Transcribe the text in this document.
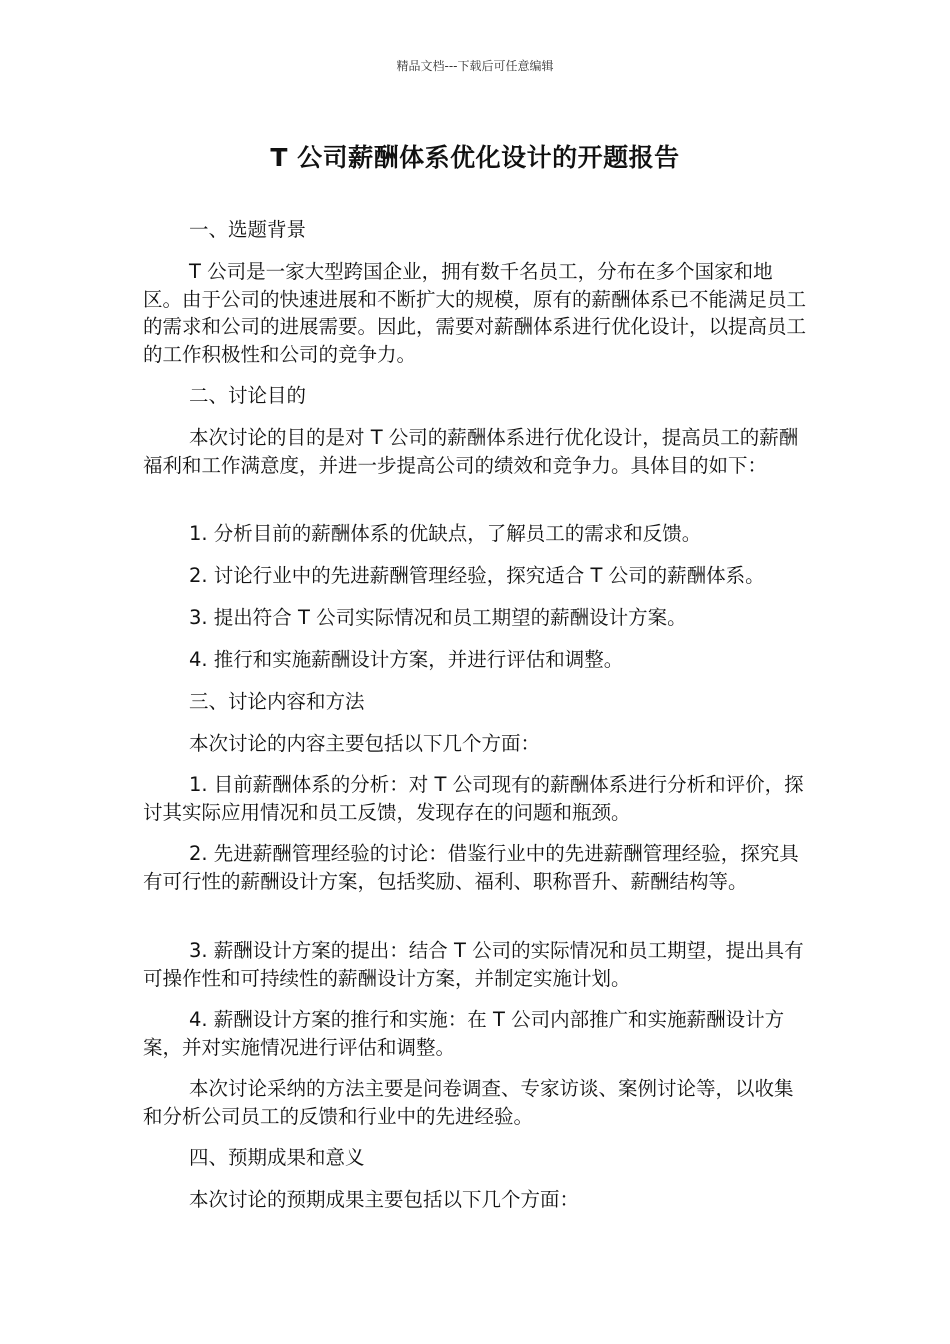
精品文档---下载后可任意编辑
T 公司薪酬体系优化设计的开题报告

一、选题背景

T 公司是一家大型跨国企业，拥有数千名员工，分布在多个国家和地区。由于公司的快速进展和不断扩大的规模，原有的薪酬体系已不能满足员工的需求和公司的进展需要。因此，需要对薪酬体系进行优化设计，以提高员工的工作积极性和公司的竞争力。

二、讨论目的

本次讨论的目的是对 T 公司的薪酬体系进行优化设计，提高员工的薪酬福利和工作满意度，并进一步提高公司的绩效和竞争力。具体目的如下：

1. 分析目前的薪酬体系的优缺点，了解员工的需求和反馈。

2. 讨论行业中的先进薪酬管理经验，探究适合 T 公司的薪酬体系。

3. 提出符合 T 公司实际情况和员工期望的薪酬设计方案。

4. 推行和实施薪酬设计方案，并进行评估和调整。

三、讨论内容和方法

本次讨论的内容主要包括以下几个方面：

1. 目前薪酬体系的分析：对 T 公司现有的薪酬体系进行分析和评价，探讨其实际应用情况和员工反馈，发现存在的问题和瓶颈。

2. 先进薪酬管理经验的讨论：借鉴行业中的先进薪酬管理经验，探究具有可行性的薪酬设计方案，包括奖励、福利、职称晋升、薪酬结构等。

3. 薪酬设计方案的提出：结合 T 公司的实际情况和员工期望，提出具有可操作性和可持续性的薪酬设计方案，并制定实施计划。

4. 薪酬设计方案的推行和实施：在 T 公司内部推广和实施薪酬设计方案，并对实施情况进行评估和调整。

本次讨论采纳的方法主要是问卷调查、专家访谈、案例讨论等，以收集和分析公司员工的反馈和行业中的先进经验。

四、预期成果和意义

本次讨论的预期成果主要包括以下几个方面：
